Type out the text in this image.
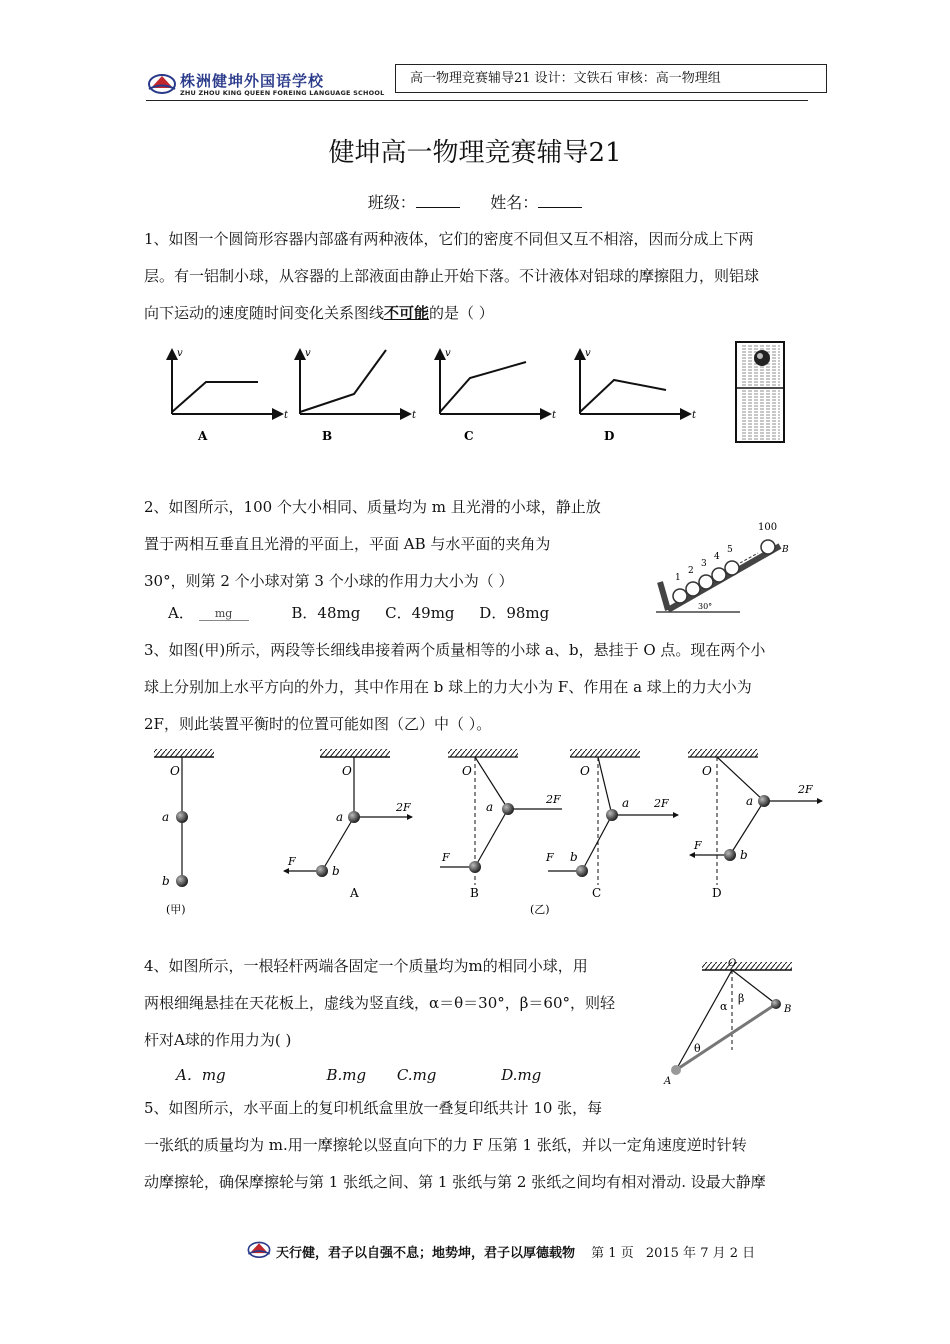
株洲健坤外国语学校
ZHU ZHOU KING QUEEN FOREING LANGUAGE SCHOOL
高一物理竞赛辅导21 设计：文铁石 审核：高一物理组
健坤高一物理竞赛辅导21
班级：	姓名：
1、如图一个圆筒形容器内部盛有两种液体，它们的密度不同但又互不相溶，因而分成上下两
层。有一铝制小球，从容器的上部液面由静止开始下落。不计液体对铝球的摩擦阻力，则铝球
向下运动的速度随时间变化关系图线不可能的是（ ）
v
t
A
v
t
B
v
t
C
v
t
D
2、如图所示，100 个大小相同、质量均为 m 且光滑的小球，静止放
置于两相互垂直且光滑的平面上，平面 AB 与水平面的夹角为
30°，则第 2 个小球对第 3 个小球的作用力大小为（ ）
A． mg	B．48mg C．49mg D．98mg
100
1
2
3
4
5	B
30°
3、如图(甲)所示，两段等长细线串接着两个质量相等的小球 a、b，悬挂于 O 点。现在两个小
球上分别加上水平方向的外力，其中作用在 b 球上的力大小为 F、作用在 a 球上的力大小为
2F，则此装置平衡时的位置可能如图（乙）中（ ）。
O
a
b
(甲)
O
a
b
2F
F
A
O
a
2F
F
B
O
a
b
2F
F
C
O
a
b
2F
F
D
(乙)
4、如图所示，一根轻杆两端各固定一个质量均为m的相同小球，用
两根细绳悬挂在天花板上，虚线为竖直线，α＝θ＝30°，β＝60°，则轻
杆对A球的作用力为( )
A．mg	B.mg C.mg	D.mg
O
α
β
θ
A
B
5、如图所示，水平面上的复印机纸盒里放一叠复印纸共计 10 张，每
一张纸的质量均为 m.用一摩擦轮以竖直向下的力 F 压第 1 张纸，并以一定角速度逆时针转
动摩擦轮，确保摩擦轮与第 1 张纸之间、第 1 张纸与第 2 张纸之间均有相对滑动. 设最大静摩
天行健，君子以自强不息；地势坤，君子以厚德载物 第 1 页 2015 年 7 月 2 日
